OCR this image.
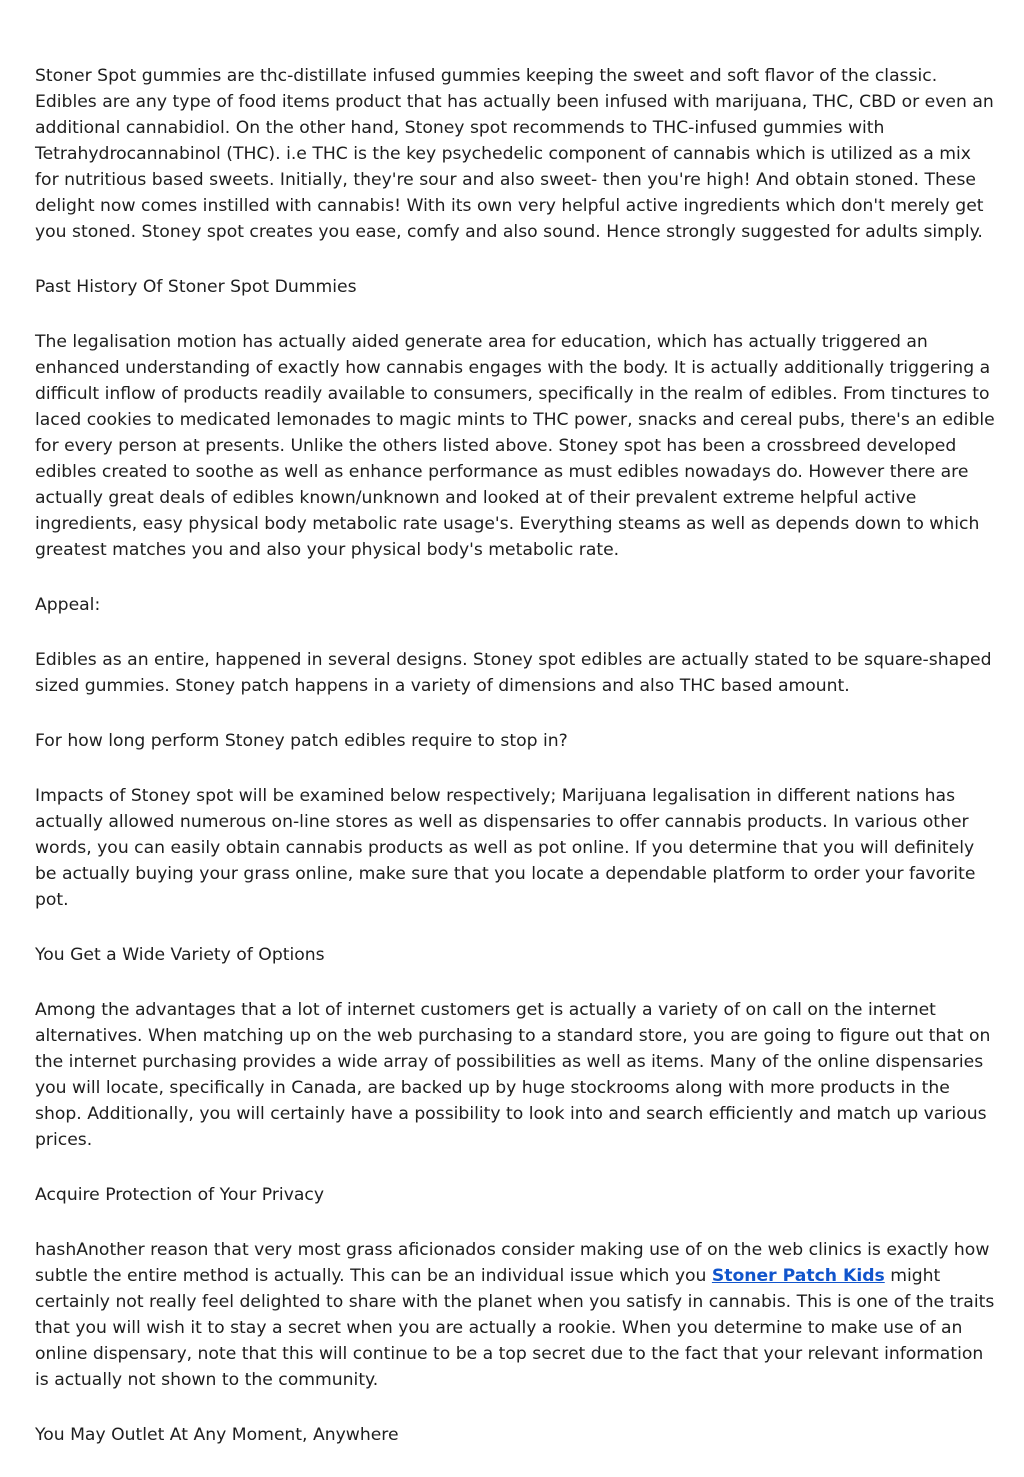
Stoner Spot gummies are thc-distillate infused gummies keeping the sweet and soft flavor of the classic. Edibles are any type of food items product that has actually been infused with marijuana, THC, CBD or even an additional cannabidiol. On the other hand, Stoney spot recommends to THC-infused gummies with Tetrahydrocannabinol (THC). i.e THC is the key psychedelic component of cannabis which is utilized as a mix for nutritious based sweets. Initially, they're sour and also sweet- then you're high! And obtain stoned. These delight now comes instilled with cannabis! With its own very helpful active ingredients which don't merely get you stoned. Stoney spot creates you ease, comfy and also sound. Hence strongly suggested for adults simply.

Past History Of Stoner Spot Dummies

The legalisation motion has actually aided generate area for education, which has actually triggered an enhanced understanding of exactly how cannabis engages with the body. It is actually additionally triggering a difficult inflow of products readily available to consumers, specifically in the realm of edibles. From tinctures to laced cookies to medicated lemonades to magic mints to THC power, snacks and cereal pubs, there's an edible for every person at presents. Unlike the others listed above. Stoney spot has been a crossbreed developed edibles created to soothe as well as enhance performance as must edibles nowadays do. However there are actually great deals of edibles known/unknown and looked at of their prevalent extreme helpful active ingredients, easy physical body metabolic rate usage's. Everything steams as well as depends down to which greatest matches you and also your physical body's metabolic rate.

Appeal:

Edibles as an entire, happened in several designs. Stoney spot edibles are actually stated to be square-shaped sized gummies. Stoney patch happens in a variety of dimensions and also THC based amount.

For how long perform Stoney patch edibles require to stop in?

Impacts of Stoney spot will be examined below respectively; Marijuana legalisation in different nations has actually allowed numerous on-line stores as well as dispensaries to offer cannabis products. In various other words, you can easily obtain cannabis products as well as pot online. If you determine that you will definitely be actually buying your grass online, make sure that you locate a dependable platform to order your favorite pot.

You Get a Wide Variety of Options

Among the advantages that a lot of internet customers get is actually a variety of on call on the internet alternatives. When matching up on the web purchasing to a standard store, you are going to figure out that on the internet purchasing provides a wide array of possibilities as well as items. Many of the online dispensaries you will locate, specifically in Canada, are backed up by huge stockrooms along with more products in the shop. Additionally, you will certainly have a possibility to look into and search efficiently and match up various prices.

Acquire Protection of Your Privacy

hashAnother reason that very most grass aficionados consider making use of on the web clinics is exactly how subtle the entire method is actually. This can be an individual issue which you Stoner Patch Kids might certainly not really feel delighted to share with the planet when you satisfy in cannabis. This is one of the traits that you will wish it to stay a secret when you are actually a rookie. When you determine to make use of an online dispensary, note that this will continue to be a top secret due to the fact that your relevant information is actually not shown to the community.

You May Outlet At Any Moment, Anywhere
